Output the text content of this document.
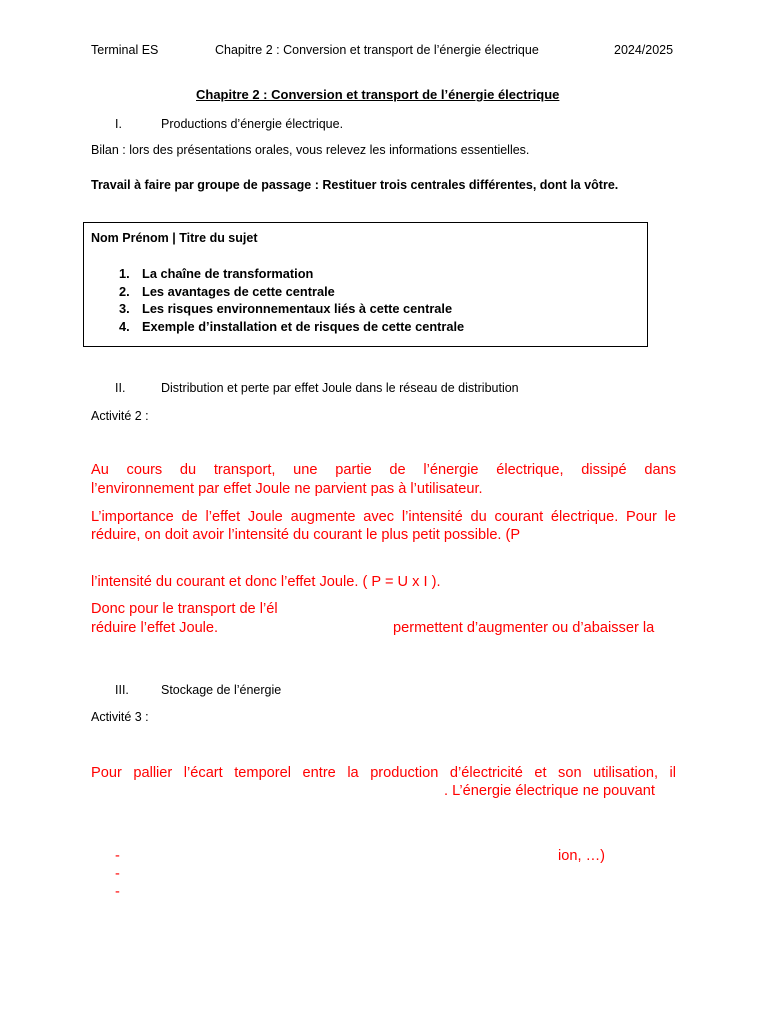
Terminal ES	Chapitre 2 : Conversion et transport de l’énergie électrique	2024/2025
Chapitre 2 : Conversion et transport de l’énergie électrique
I.	Productions d’énergie électrique.
Bilan : lors des présentations orales, vous relevez les informations essentielles.
Travail à faire par groupe de passage : Restituer trois centrales différentes, dont la vôtre.
Nom Prénom | Titre du sujet
1. La chaîne de transformation
2. Les avantages de cette centrale
3. Les risques environnementaux liés à cette centrale
4. Exemple d’installation et de risques de cette centrale
II.	Distribution et perte par effet Joule dans le réseau de distribution
Activité 2 :
Au cours du transport, une partie de l’énergie électrique, dissipé dans
l’environnement par effet Joule ne parvient pas à l’utilisateur.
L’importance de l’effet Joule augmente avec l’intensité du courant électrique. Pour le
réduire, on doit avoir l’intensité du courant le plus petit possible. (P
l’intensité du courant et donc l’effet Joule. ( P = U x I ).
Donc pour le transport de l’él
réduire l’effet Joule.	permettent d’augmenter ou d’abaisser la
III.	Stockage de l’énergie
Activité 3 :
Pour pallier l’écart temporel entre la production d’électricité et son utilisation, il
. L’énergie électrique ne pouvant
-	ion, …)
-
-
